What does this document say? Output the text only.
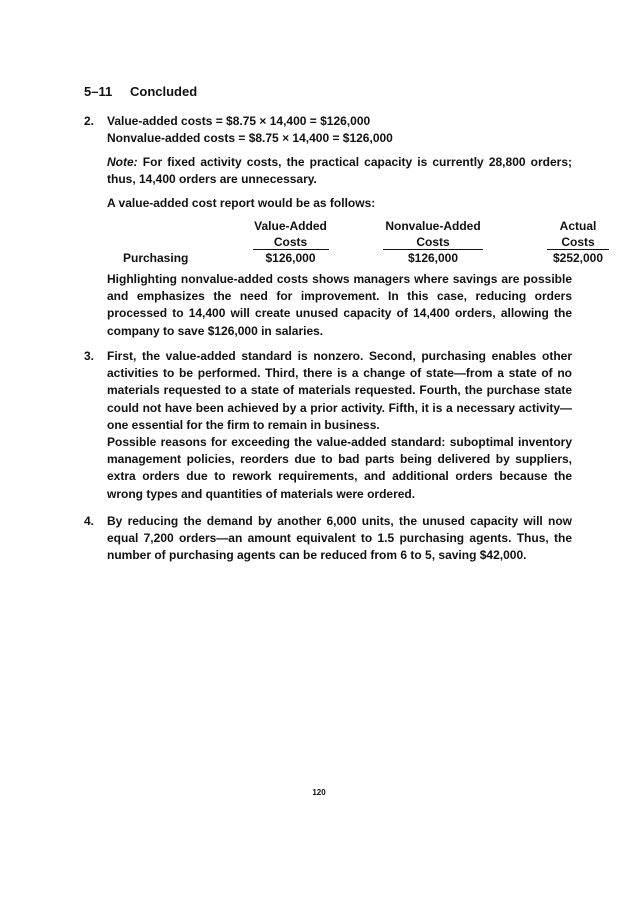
5–11 Concluded
2. Value-added costs = $8.75 × 14,400 = $126,000
Nonvalue-added costs = $8.75 × 14,400 = $126,000
Note: For fixed activity costs, the practical capacity is currently 28,800 orders; thus, 14,400 orders are unnecessary.
A value-added cost report would be as follows:
	Value-Added	Nonvalue-Added	Actual
	Costs	Costs	Costs
Purchasing	$126,000	$126,000	$252,000
Highlighting nonvalue-added costs shows managers where savings are possible and emphasizes the need for improvement. In this case, reducing orders processed to 14,400 will create unused capacity of 14,400 orders, allowing the company to save $126,000 in salaries.
3. First, the value-added standard is nonzero. Second, purchasing enables other activities to be performed. Third, there is a change of state—from a state of no materials requested to a state of materials requested. Fourth, the purchase state could not have been achieved by a prior activity. Fifth, it is a necessary activity—one essential for the firm to remain in business.
Possible reasons for exceeding the value-added standard: suboptimal inventory management policies, reorders due to bad parts being delivered by suppliers, extra orders due to rework requirements, and additional orders because the wrong types and quantities of materials were ordered.
4. By reducing the demand by another 6,000 units, the unused capacity will now equal 7,200 orders—an amount equivalent to 1.5 purchasing agents. Thus, the number of purchasing agents can be reduced from 6 to 5, saving $42,000.
120
